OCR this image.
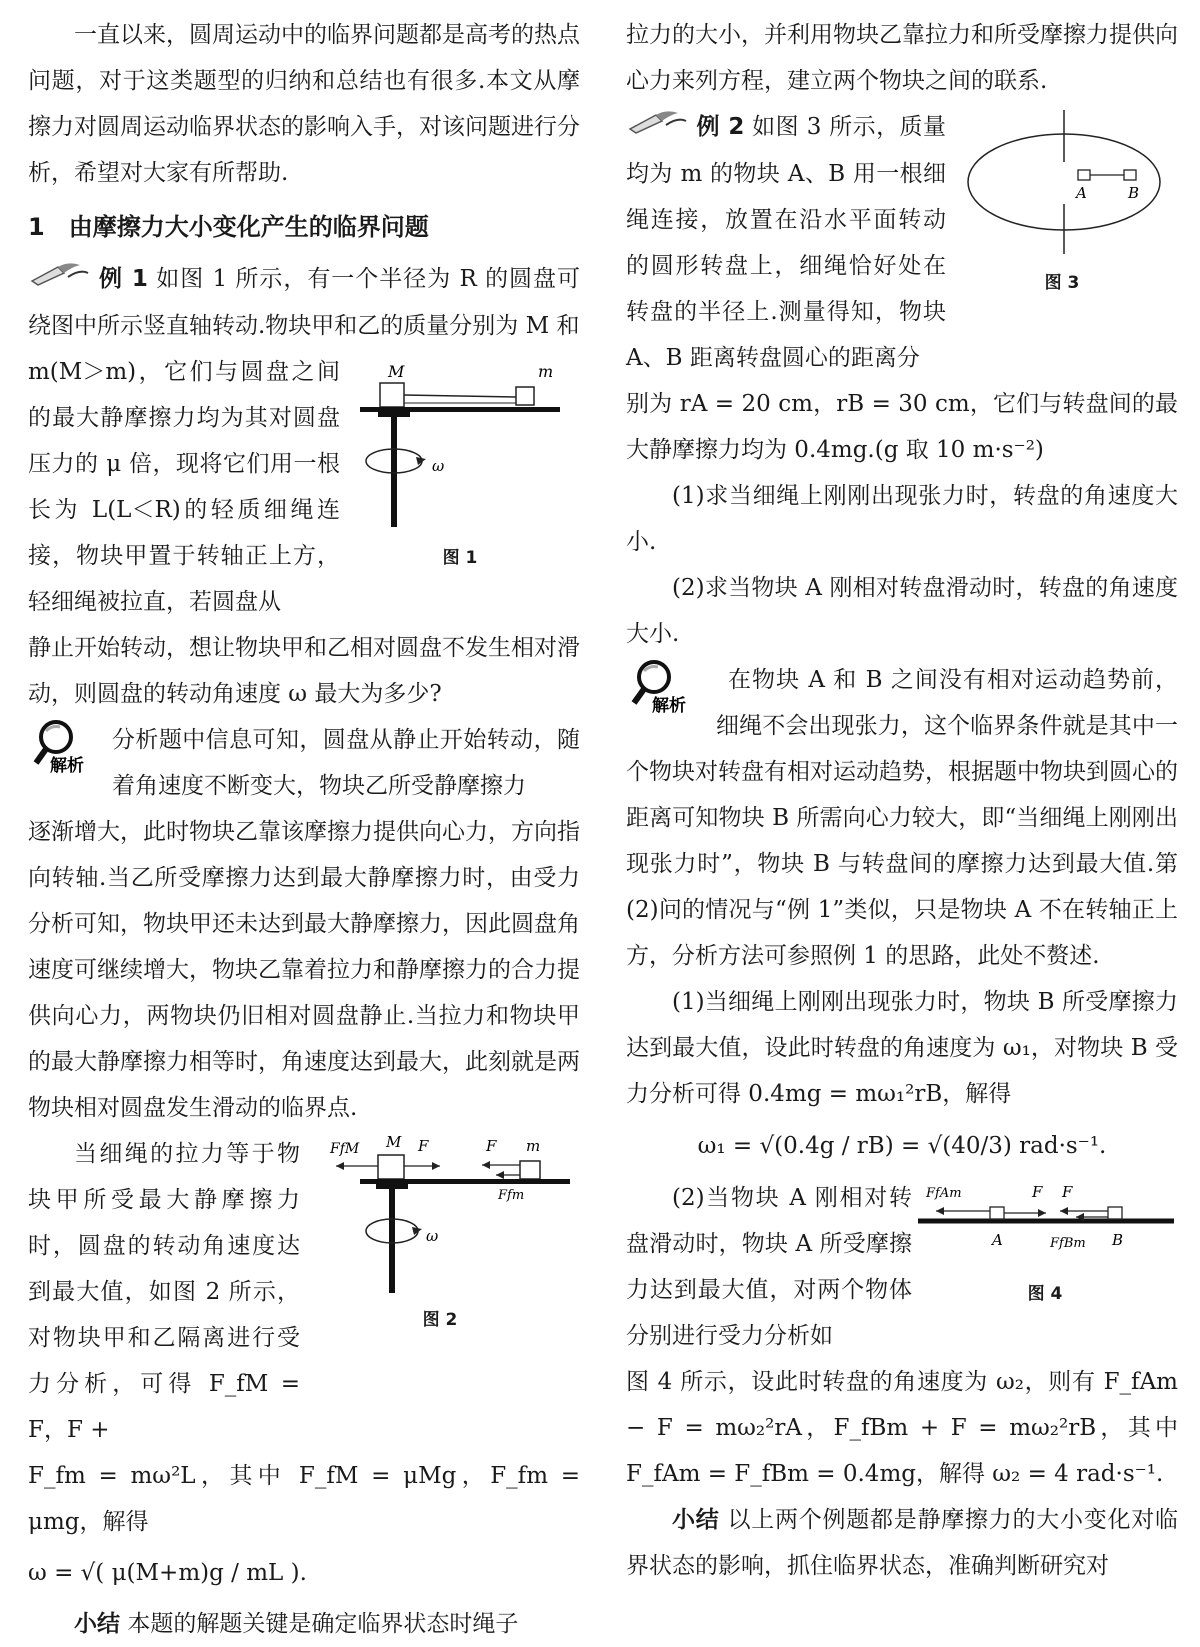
一直以来，圆周运动中的临界问题都是高考的热点问题，对于这类题型的归纳和总结也有很多.本文从摩擦力对圆周运动临界状态的影响入手，对该问题进行分析，希望对大家有所帮助.

1　由摩擦力大小变化产生的临界问题

例 1 如图 1 所示，有一个半径为 R 的圆盘可绕图中所示竖直轴转动.物块甲和乙的质量分别为 M 和

m(M＞m)，它们与圆盘之间的最大静摩擦力均为其对圆盘压力的 μ 倍，现将它们用一根长为 L(L＜R)的轻质细绳连接，物块甲置于转轴正上方，轻细绳被拉直，若圆盘从

M	m
ω
图 1

静止开始转动，想让物块甲和乙相对圆盘不发生相对滑动，则圆盘的转动角速度 ω 最大为多少?

解析

分析题中信息可知，圆盘从静止开始转动，随着角速度不断变大，物块乙所受静摩擦力

逐渐增大，此时物块乙靠该摩擦力提供向心力，方向指向转轴.当乙所受摩擦力达到最大静摩擦力时，由受力分析可知，物块甲还未达到最大静摩擦力，因此圆盘角速度可继续增大，物块乙靠着拉力和静摩擦力的合力提供向心力，两物块仍旧相对圆盘静止.当拉力和物块甲的最大静摩擦力相等时，角速度达到最大，此刻就是两物块相对圆盘发生滑动的临界点.

当细绳的拉力等于物块甲所受最大静摩擦力时，圆盘的转动角速度达到最大值，如图 2 所示，对物块甲和乙隔离进行受力分析，可得 F_fM = F，F +

FfM M F	F m
Ffm
ω
图 2

F_fm = mω²L，其中 F_fM = μMg，F_fm = μmg，解得

ω = √( μ(M+m)g / mL ).

小结 本题的解题关键是确定临界状态时绳子

拉力的大小，并利用物块乙靠拉力和所受摩擦力提供向心力来列方程，建立两个物块之间的联系.

例 2 如图 3 所示，质量均为 m 的物块 A、B 用一根细绳连接，放置在沿水平面转动的圆形转盘上，细绳恰好处在转盘的半径上.测量得知，物块 A、B 距离转盘圆心的距离分

A	B
图 3

别为 rA = 20 cm，rB = 30 cm，它们与转盘间的最大静摩擦力均为 0.4mg.(g 取 10 m·s⁻²)

(1)求当细绳上刚刚出现张力时，转盘的角速度大小.

(2)求当物块 A 刚相对转盘滑动时，转盘的角速度大小.

解析

在物块 A 和 B 之间没有相对运动趋势前，细绳不会出现张力，这个临界条件就是其中一个物块对转盘有相对运动趋势，根据题中物块到圆心的距离可知物块 B 所需向心力较大，即“当细绳上刚刚出现张力时”，物块 B 与转盘间的摩擦力达到最大值.第(2)问的情况与“例 1”类似，只是物块 A 不在转轴正上方，分析方法可参照例 1 的思路，此处不赘述.

(1)当细绳上刚刚出现张力时，物块 B 所受摩擦力达到最大值，设此时转盘的角速度为 ω₁，对物块 B 受力分析可得 0.4mg = mω₁²rB，解得

ω₁ = √(0.4g / rB) = √(40/3) rad·s⁻¹.

(2)当物块 A 刚相对转盘滑动时，物块 A 所受摩擦力达到最大值，对两个物体分别进行受力分析如

FfAm	F F
A	FfBm B
图 4

图 4 所示，设此时转盘的角速度为 ω₂，则有 F_fAm − F = mω₂²rA，F_fBm + F = mω₂²rB，其中 F_fAm = F_fBm = 0.4mg，解得 ω₂ = 4 rad·s⁻¹.

小结 以上两个例题都是静摩擦力的大小变化对临界状态的影响，抓住临界状态，准确判断研究对
